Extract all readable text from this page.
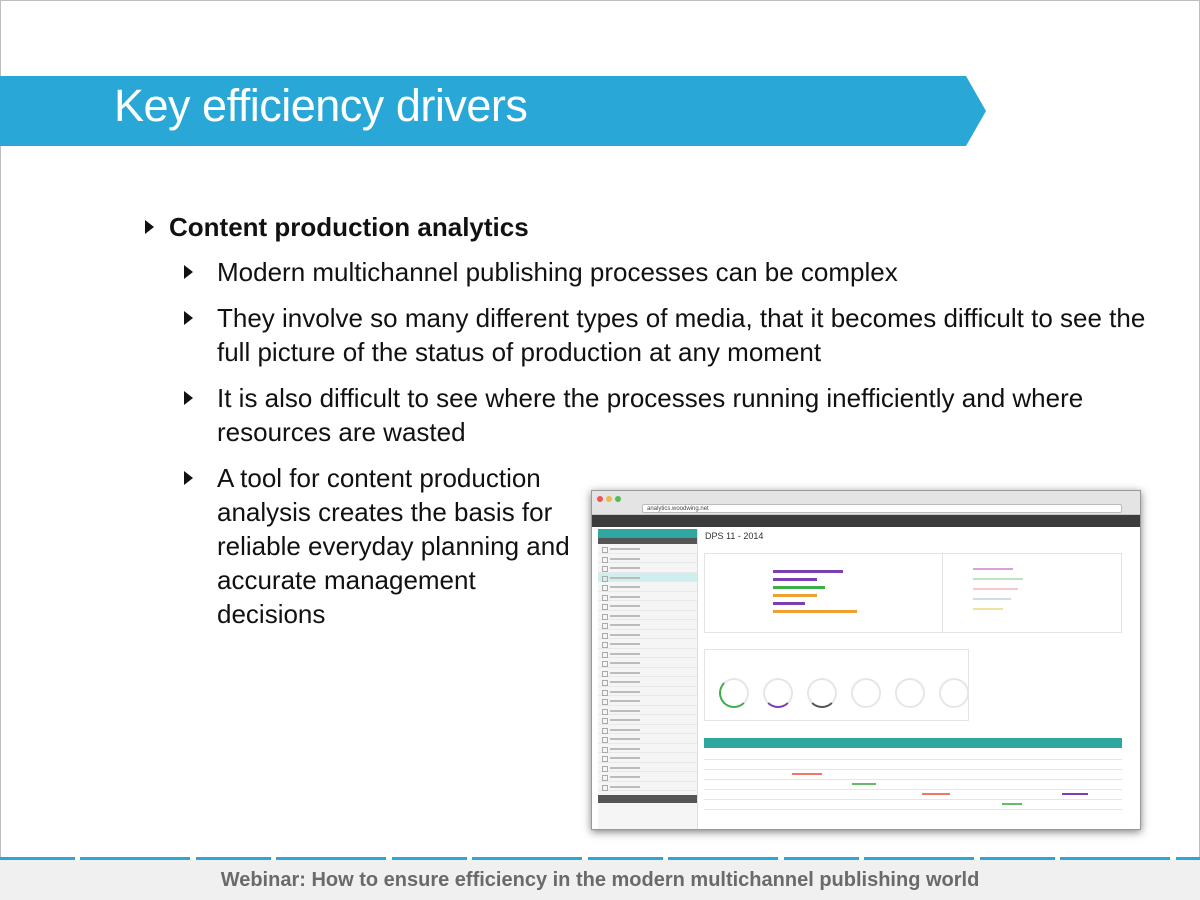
Key efficiency drivers
Content production analytics
Modern multichannel publishing processes can be complex
They involve so many different types of media, that it becomes difficult to see the full picture of the status of production at any moment
It is also difficult to see where the processes running inefficiently and where resources are wasted
A tool for content production analysis creates the basis for reliable everyday planning and accurate management decisions
analytics.woodwing.net
DPS 11 - 2014
Webinar: How to ensure efficiency in the modern multichannel publishing world
